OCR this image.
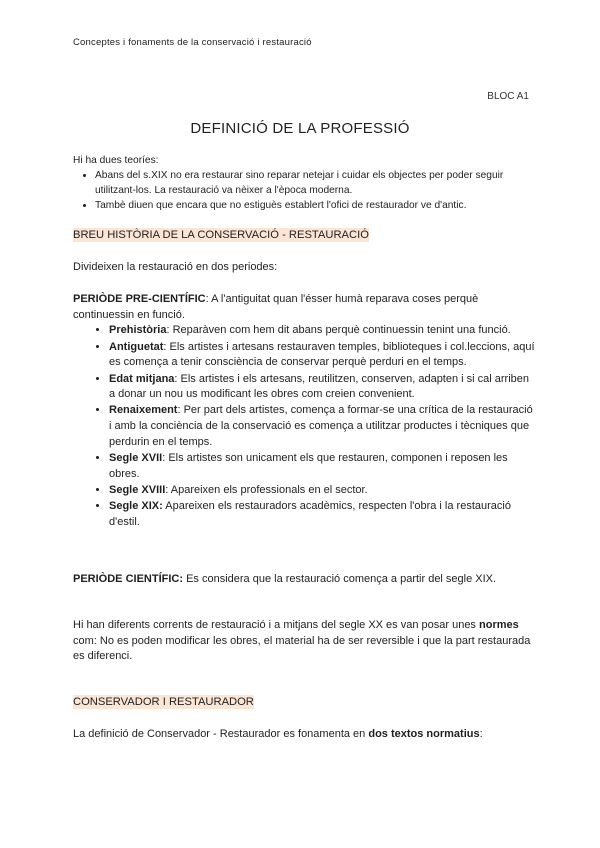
Conceptes i fonaments de la conservació i restauració
BLOC A1
DEFINICIÓ DE LA PROFESSIÓ
Hi ha dues teoríes:
• Abans del s.XIX no era restaurar sino reparar netejar i cuidar els objectes per poder seguir utilitzant-los. La restauració va nèixer a l'època moderna.
• Tambè diuen que encara que no estiguès establert l'ofici de restaurador ve d'antic.
BREU HISTÒRIA DE LA CONSERVACIÓ - RESTAURACIÓ
Divideixen la restauració en dos periodes:

PERIÒDE PRE-CIENTÍFIC: A l'antiguitat quan l'ésser humà reparava coses perquè continuessin en funció.

• Prehistòria: Reparàven com hem dit abans perquè continuessin tenint una funció.
• Antiguetat: Els artistes i artesans restauraven temples, biblioteques i col.leccions, aquí es comença a tenir consciència de conservar perquè perduri en el temps.
• Edat mitjana: Els artistes i els artesans, reutilitzen, conserven, adapten i si cal arriben a donar un nou us modificant les obres com creien convenient.
• Renaixement: Per part dels artistes, comença a formar-se una crítica de la restauració i amb la conciència de la conservació es comença a utilitzar productes i tècniques que perdurin en el temps.
• Segle XVII: Els artistes son unicament els que restauren, componen i reposen les obres.
• Segle XVIII: Apareixen els professionals en el sector.
• Segle XIX: Apareixen els restauradors acadèmics, respecten l'obra i la restauració d'estil.
PERIÒDE CIENTÍFIC: Es considera que la restauració comença a partir del segle XIX.
Hi han diferents corrents de restauració i a mitjans del segle XX es van posar unes normes com: No es poden modificar les obres, el material ha de ser reversible i que la part restaurada es diferenci.
CONSERVADOR I RESTAURADOR
La definició de Conservador - Restaurador es fonamenta en dos textos normatius:
